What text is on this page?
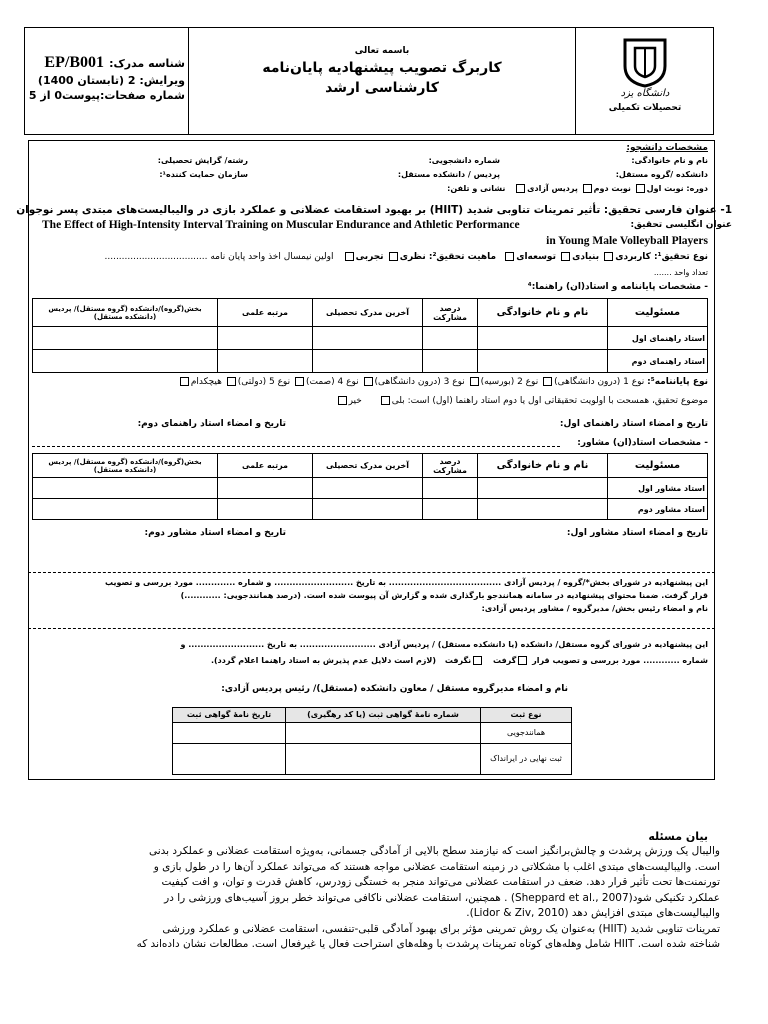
شناسه مدرک: EP/B001
ویرایش: 2 (تابستان 1400)
شماره صفحات:پیوست0 از 5
باسمه تعالی
کاربرگ تصویب پیشنهادیه پایان‌نامه
کارشناسی ارشد	دانشگاه یزد
تحصیلات تکمیلی
مشخصات دانشجو:
نام و نام خانوادگی:
شماره دانشجویی:
رشته/ گرایش تحصیلی:
دانشکده /گروه مستقل:
پردیس / دانشکده مستقل:
سازمان حمایت کننده¹:
دوره: نوبت اول نوبت دوم پردیس آزادی نشانی و تلفن:
1- عنوان فارسی تحقیق: تأثیر تمرینات تناوبی شدید (HIIT) بر بهبود استقامت عضلانی و عملکرد بازی در والیبالیست‌های مبتدی پسر نوجوان
The Effect of High-Intensity Interval Training on Muscular Endurance and Athletic Performance	عنوان انگلیسی تحقیق:
in Young Male Volleyball Players
نوع تحقیق¹: کاربردی بنیادی توسعه‌ای ماهیت تحقیق²: نظری تجربی اولین نیمسال اخذ واحد پایان نامه ....................................
تعداد واحد .......
- مشخصات پایاننامه و استاد(ان) راهنما:⁴
مسئولیت	نام و نام خانوادگی	درصد مشارکت	آخرین مدرک تحصیلی	مرتبه علمی	بخش(گروه)/دانشکده (گروه مستقل)/ پردیس (دانشکده مستقل)
استاد راهنمای اول					
استاد راهنمای دوم					
نوع پایاننامه⁵: نوع 1 (درون دانشگاهی) نوع 2 (بورسیه) نوع 3 (درون دانشگاهی) نوع 4 (صمت) نوع 5 (دولتی) هیچکدام
موضوع تحقیق، همسحت با اولویت تحقیقاتی اول یا دوم استاد راهنما (اول) است: بلی خیر
تاریخ و امضاء استاد راهنمای اول:
تاریخ و امضاء استاد راهنمای دوم:
- مشخصات استاد(ان) مشاور:
مسئولیت	نام و نام خانوادگی	درصد مشارکت	آخرین مدرک تحصیلی	مرتبه علمی	بخش(گروه)/دانشکده (گروه مستقل)/ پردیس (دانشکده مستقل)
استاد مشاور اول					
استاد مشاور دوم					
تاریخ و امضاء استاد مشاور اول:
تاریخ و امضاء استاد مشاور دوم:
این پیشنهادیه در شورای بخش*/گروه / پردیس آزادی ..................................... به تاریخ .......................... و شماره ............. مورد بررسی و تصویب
قرار گرفت. ضمنا محتوای پیشنهادیه در سامانه همانندجو بارگذاری شده و گزارش آن پیوست شده است. (درصد همانندجویی: ............)
نام و امضاء رئیس بخش/ مدیرگروه / مشاور پردیس آزادی:
این پیشنهادیه در شورای گروه مستقل/ دانشکده (یا دانشکده مستقل) / پردیس آزادی ......................... به تاریخ ......................... و
شماره ............ مورد بررسی و تصویب قرار گرفت نگرفت (لازم است دلایل عدم پذیرش به استاد راهنما اعلام گردد).
نام و امضاء مدیرگروه مستقل / معاون دانشکده (مستقل)/ رئیس پردیس آزادی:
نوع ثبت	شماره نامۀ گواهی ثبت (یا کد رهگیری)	تاریخ نامۀ گواهی ثبت
همانندجویی		
ثبت نهایی در ایرانداک		
بیان مسئله
والیبال یک ورزش پرشدت و چالش‌برانگیز است که نیازمند سطح بالایی از آمادگی جسمانی، به‌ویژه استقامت عضلانی و عملکرد بدنی
است. والیبالیست‌های مبتدی اغلب با مشکلاتی در زمینه استقامت عضلانی مواجه هستند که می‌تواند عملکرد آن‌ها را در طول بازی و
تورنمنت‌ها تحت تأثیر قرار دهد. ضعف در استقامت عضلانی می‌تواند منجر به خستگی زودرس، کاهش قدرت و توان، و افت کیفیت
عملکرد تکنیکی شود(Sheppard et al., 2007) . همچنین، استقامت عضلانی ناکافی می‌تواند خطر بروز آسیب‌های ورزشی را در
والیبالیست‌های مبتدی افزایش دهد (Lidor & Ziv, 2010).
تمرینات تناوبی شدید (HIIT) به‌عنوان یک روش تمرینی مؤثر برای بهبود آمادگی قلبی-تنفسی، استقامت عضلانی و عملکرد ورزشی
شناخته شده است. HIIT شامل وهله‌های کوتاه تمرینات پرشدت با وهله‌های استراحت فعال یا غیرفعال است. مطالعات نشان داده‌اند که
